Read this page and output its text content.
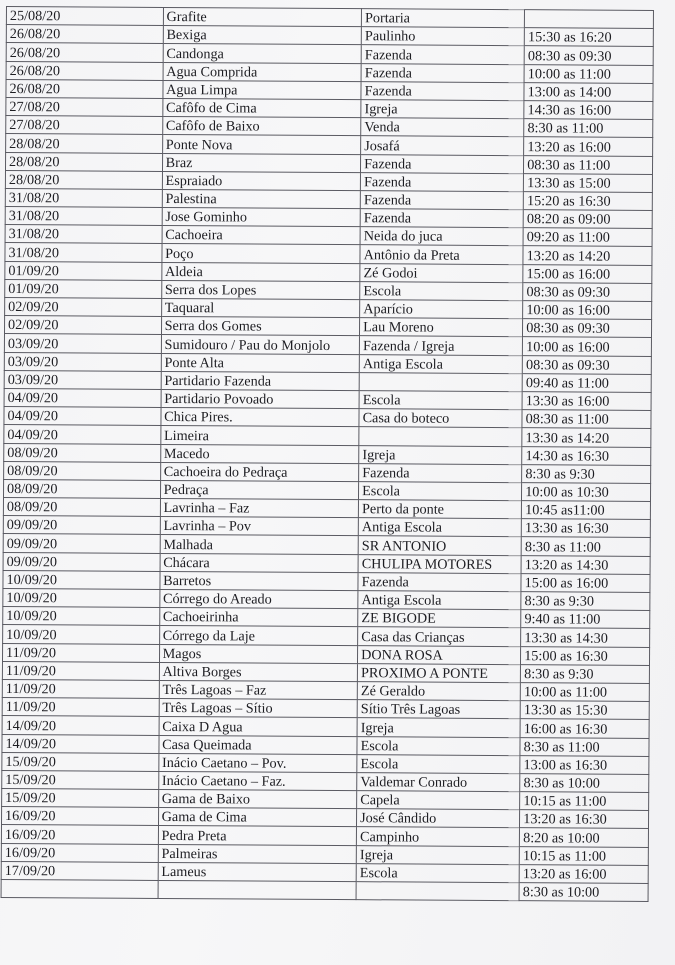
25/08/20	Grafite	Portaria	
26/08/20	Bexiga	Paulinho	15:30 as 16:20
26/08/20	Candonga	Fazenda	08:30 as 09:30
26/08/20	Agua Comprida	Fazenda	10:00 as 11:00
26/08/20	Agua Limpa	Fazenda	13:00 as 14:00
27/08/20	Cafôfo de Cima	Igreja	14:30 as 16:00
27/08/20	Cafôfo de Baixo	Venda	8:30 as 11:00
28/08/20	Ponte Nova	Josafá	13:20 as 16:00
28/08/20	Braz	Fazenda	08:30 as 11:00
28/08/20	Espraiado	Fazenda	13:30 as 15:00
31/08/20	Palestina	Fazenda	15:20 as 16:30
31/08/20	Jose Gominho	Fazenda	08:20 as 09:00
31/08/20	Cachoeira	Neida do juca	09:20 as 11:00
31/08/20	Poço	Antônio da Preta	13:20 as 14:20
01/09/20	Aldeia	Zé Godoi	15:00 as 16:00
01/09/20	Serra dos Lopes	Escola	08:30 as 09:30
02/09/20	Taquaral	Aparício	10:00 as 16:00
02/09/20	Serra dos Gomes	Lau Moreno	08:30 as 09:30
03/09/20	Sumidouro / Pau do Monjolo	Fazenda / Igreja	10:00 as 16:00
03/09/20	Ponte Alta	Antiga Escola	08:30 as 09:30
03/09/20	Partidario Fazenda		09:40 as 11:00
04/09/20	Partidario Povoado	Escola	13:30 as 16:00
04/09/20	Chica Pires.	Casa do boteco	08:30 as 11:00
04/09/20	Limeira		13:30 as 14:20
08/09/20	Macedo	Igreja	14:30 as 16:30
08/09/20	Cachoeira do Pedraça	Fazenda	8:30 as 9:30
08/09/20	Pedraça	Escola	10:00 as 10:30
08/09/20	Lavrinha – Faz	Perto da ponte	10:45 as11:00
09/09/20	Lavrinha – Pov	Antiga Escola	13:30 as 16:30
09/09/20	Malhada	SR ANTONIO	8:30 as 11:00
09/09/20	Chácara	CHULIPA MOTORES	13:20 as 14:30
10/09/20	Barretos	Fazenda	15:00 as 16:00
10/09/20	Córrego do Areado	Antiga Escola	8:30 as 9:30
10/09/20	Cachoeirinha	ZE BIGODE	9:40 as 11:00
10/09/20	Córrego da Laje	Casa das Crianças	13:30 as 14:30
11/09/20	Magos	DONA ROSA	15:00 as 16:30
11/09/20	Altiva Borges	PROXIMO A PONTE	8:30 as 9:30
11/09/20	Três Lagoas – Faz	Zé Geraldo	10:00 as 11:00
11/09/20	Três Lagoas – Sítio	Sítio Três Lagoas	13:30 as 15:30
14/09/20	Caixa D Agua	Igreja	16:00 as 16:30
14/09/20	Casa Queimada	Escola	8:30 as 11:00
15/09/20	Inácio Caetano – Pov.	Escola	13:00 as 16:30
15/09/20	Inácio Caetano – Faz.	Valdemar Conrado	8:30 as 10:00
15/09/20	Gama de Baixo	Capela	10:15 as 11:00
16/09/20	Gama de Cima	José Cândido	13:20 as 16:30
16/09/20	Pedra Preta	Campinho	8:20 as 10:00
16/09/20	Palmeiras	Igreja	10:15 as 11:00
17/09/20	Lameus	Escola	13:20 as 16:00
			8:30 as 10:00
